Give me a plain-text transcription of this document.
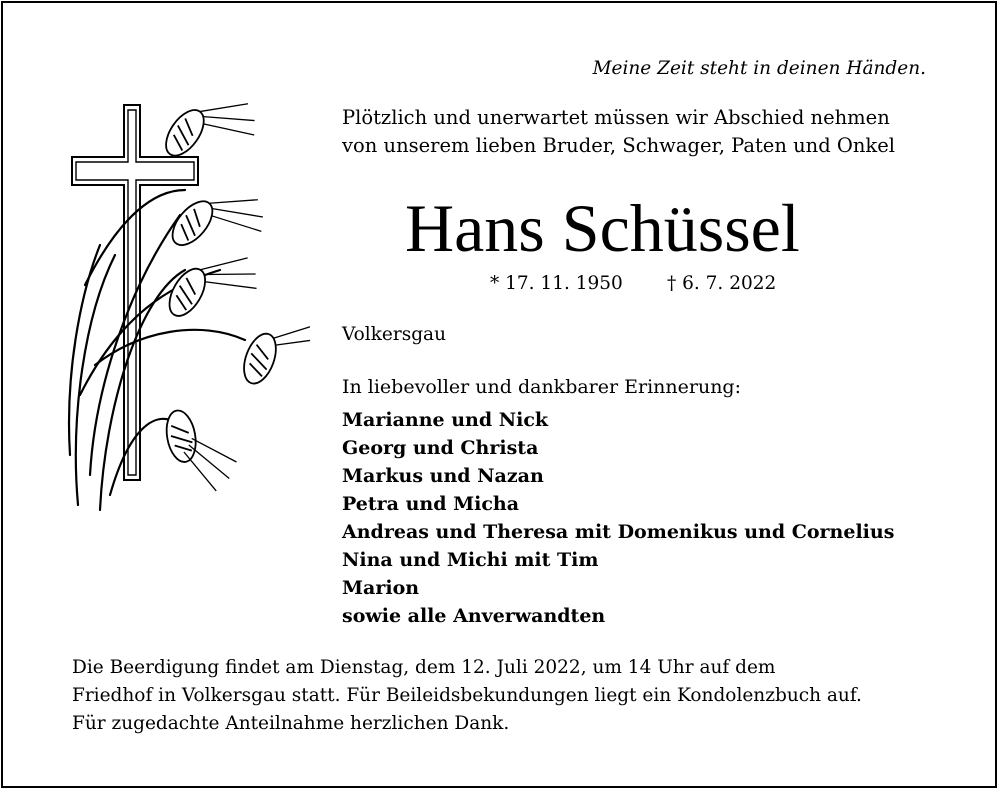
Meine Zeit steht in deinen Händen.
Plötzlich und unerwartet müssen wir Abschied nehmen
von unserem lieben Bruder, Schwager, Paten und Onkel
Hans Schüssel
* 17. 11. 1950 † 6. 7. 2022
Volkersgau
In liebevoller und dankbarer Erinnerung:
Marianne und Nick
Georg und Christa
Markus und Nazan
Petra und Micha
Andreas und Theresa mit Domenikus und Cornelius
Nina und Michi mit Tim
Marion
sowie alle Anverwandten
Die Beerdigung findet am Dienstag, dem 12. Juli 2022, um 14 Uhr auf dem
Friedhof in Volkersgau statt. Für Beileidsbekundungen liegt ein Kondolenzbuch auf.
Für zugedachte Anteilnahme herzlichen Dank.
